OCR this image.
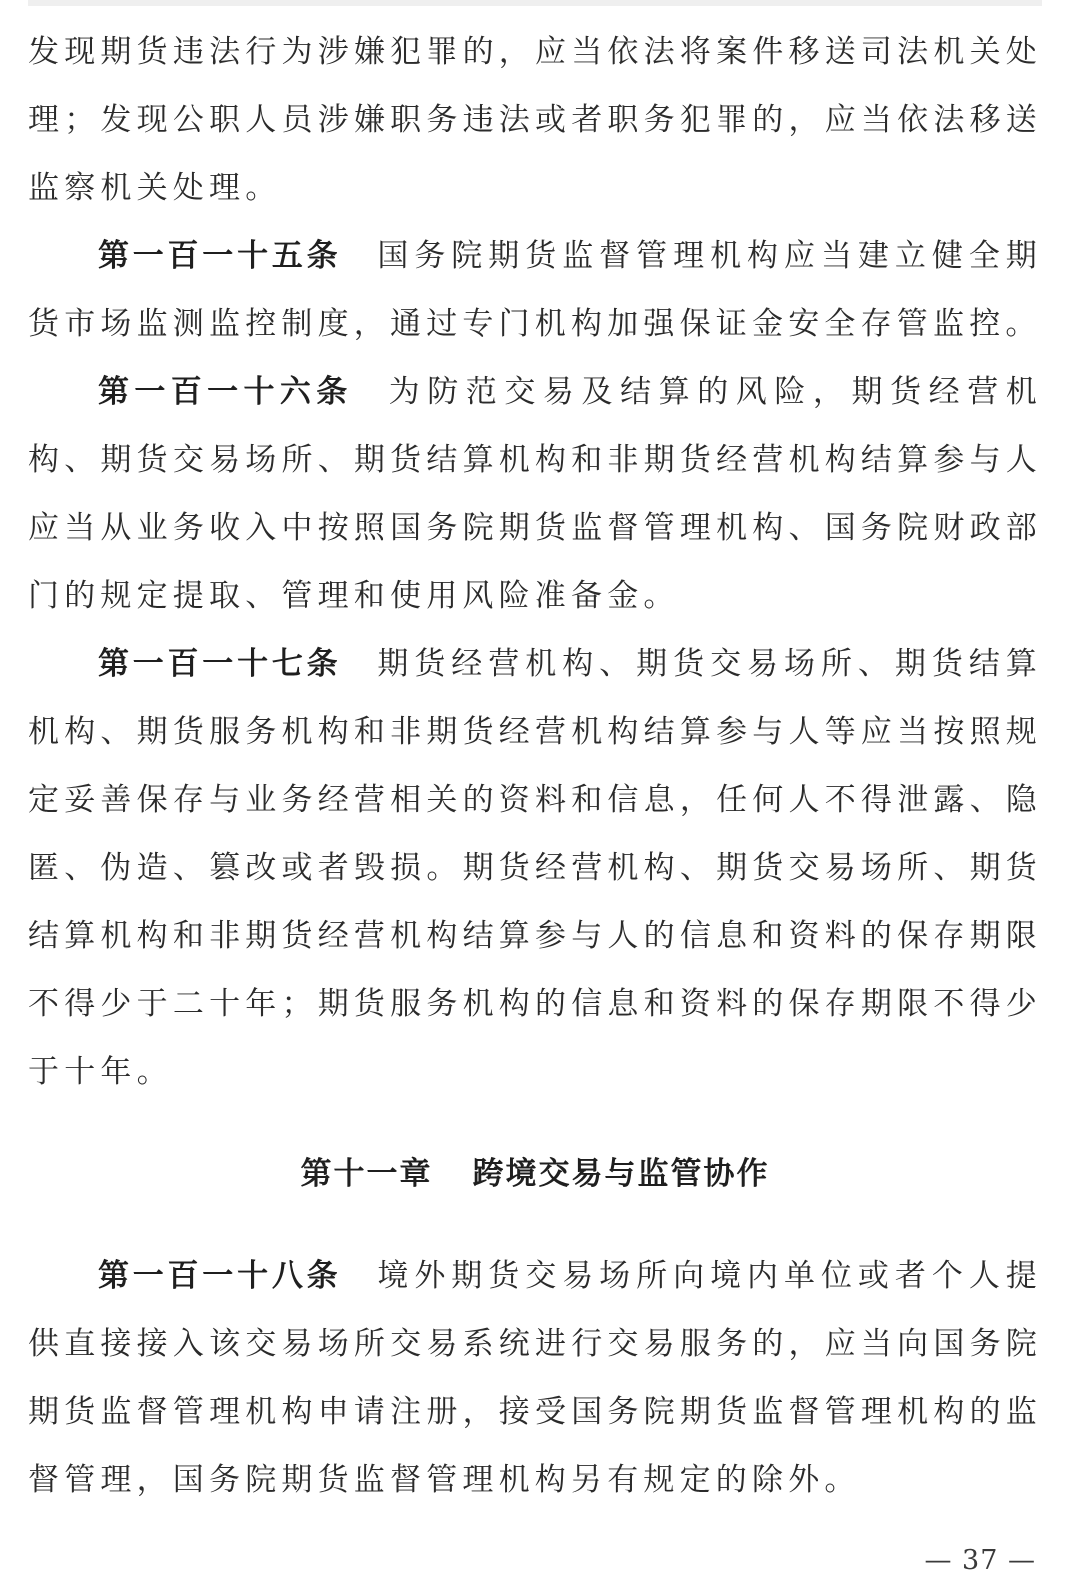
发现期货违法行为涉嫌犯罪的，应当依法将案件移送司法机关处理；发现公职人员涉嫌职务违法或者职务犯罪的，应当依法移送监察机关处理。

第一百一十五条 国务院期货监督管理机构应当建立健全期货市场监测监控制度，通过专门机构加强保证金安全存管监控。

第一百一十六条 为防范交易及结算的风险，期货经营机构、期货交易场所、期货结算机构和非期货经营机构结算参与人应当从业务收入中按照国务院期货监督管理机构、国务院财政部门的规定提取、管理和使用风险准备金。

第一百一十七条 期货经营机构、期货交易场所、期货结算机构、期货服务机构和非期货经营机构结算参与人等应当按照规定妥善保存与业务经营相关的资料和信息，任何人不得泄露、隐匿、伪造、篡改或者毁损。期货经营机构、期货交易场所、期货结算机构和非期货经营机构结算参与人的信息和资料的保存期限不得少于二十年；期货服务机构的信息和资料的保存期限不得少于十年。

第十一章 跨境交易与监管协作

第一百一十八条 境外期货交易场所向境内单位或者个人提供直接接入该交易场所交易系统进行交易服务的，应当向国务院期货监督管理机构申请注册，接受国务院期货监督管理机构的监督管理，国务院期货监督管理机构另有规定的除外。

— 37 —
